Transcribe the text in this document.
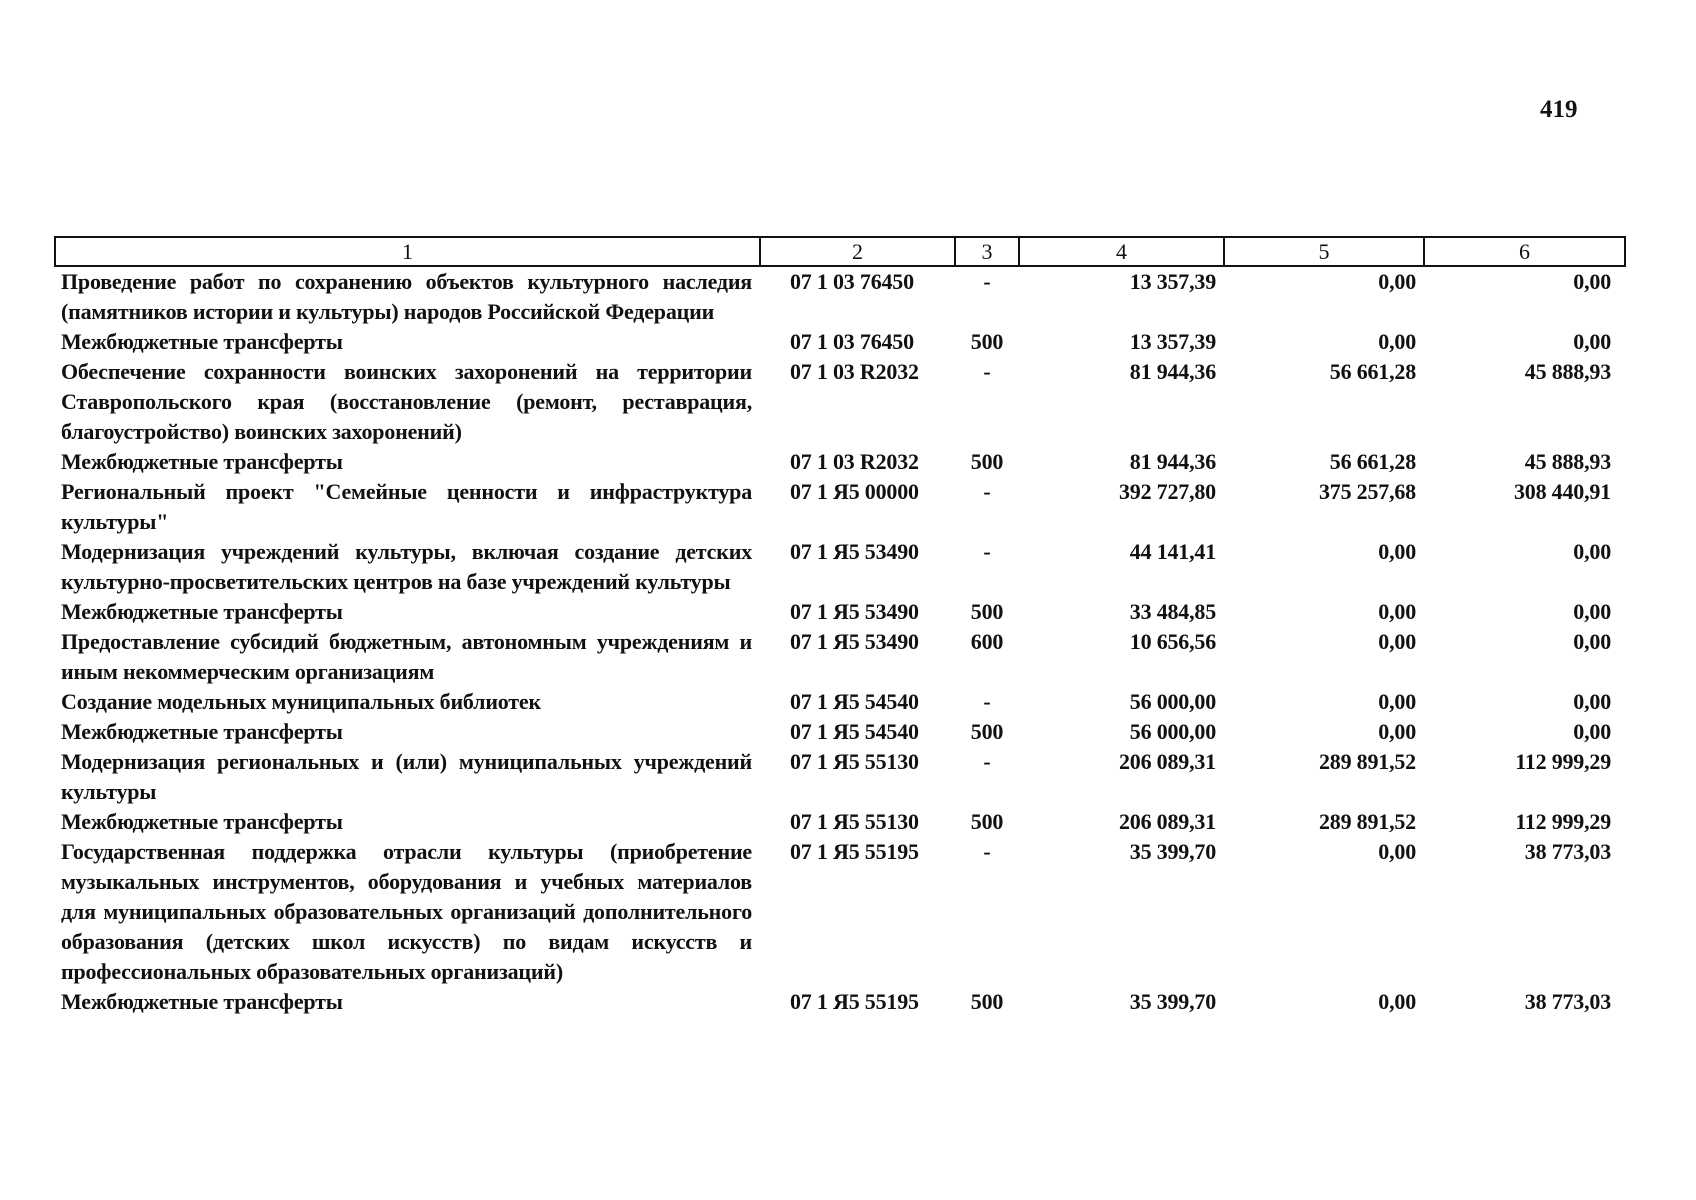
419
1	2	3	4	5	6
Проведение работ по сохранению объектов культурного наследия (памятников истории и культуры) народов Российской Федерации	07 1 03 76450	-	13 357,39	0,00	0,00
Межбюджетные трансферты	07 1 03 76450	500	13 357,39	0,00	0,00
Обеспечение сохранности воинских захоронений на территории Ставропольского края (восстановление (ремонт, реставрация, благоустройство) воинских захоронений)	07 1 03 R2032	-	81 944,36	56 661,28	45 888,93
Межбюджетные трансферты	07 1 03 R2032	500	81 944,36	56 661,28	45 888,93
Региональный проект "Семейные ценности и инфраструктура культуры"	07 1 Я5 00000	-	392 727,80	375 257,68	308 440,91
Модернизация учреждений культуры, включая создание детских культурно-просветительских центров на базе учреждений культуры	07 1 Я5 53490	-	44 141,41	0,00	0,00
Межбюджетные трансферты	07 1 Я5 53490	500	33 484,85	0,00	0,00
Предоставление субсидий бюджетным, автономным учреждениям и иным некоммерческим организациям	07 1 Я5 53490	600	10 656,56	0,00	0,00
Создание модельных муниципальных библиотек	07 1 Я5 54540	-	56 000,00	0,00	0,00
Межбюджетные трансферты	07 1 Я5 54540	500	56 000,00	0,00	0,00
Модернизация региональных и (или) муниципальных учреждений культуры	07 1 Я5 55130	-	206 089,31	289 891,52	112 999,29
Межбюджетные трансферты	07 1 Я5 55130	500	206 089,31	289 891,52	112 999,29
Государственная поддержка отрасли культуры (приобретение музыкальных инструментов, оборудования и учебных материалов для муниципальных образовательных организаций дополнительного образования (детских школ искусств) по видам искусств и профессиональных образовательных организаций)	07 1 Я5 55195	-	35 399,70	0,00	38 773,03
Межбюджетные трансферты	07 1 Я5 55195	500	35 399,70	0,00	38 773,03
